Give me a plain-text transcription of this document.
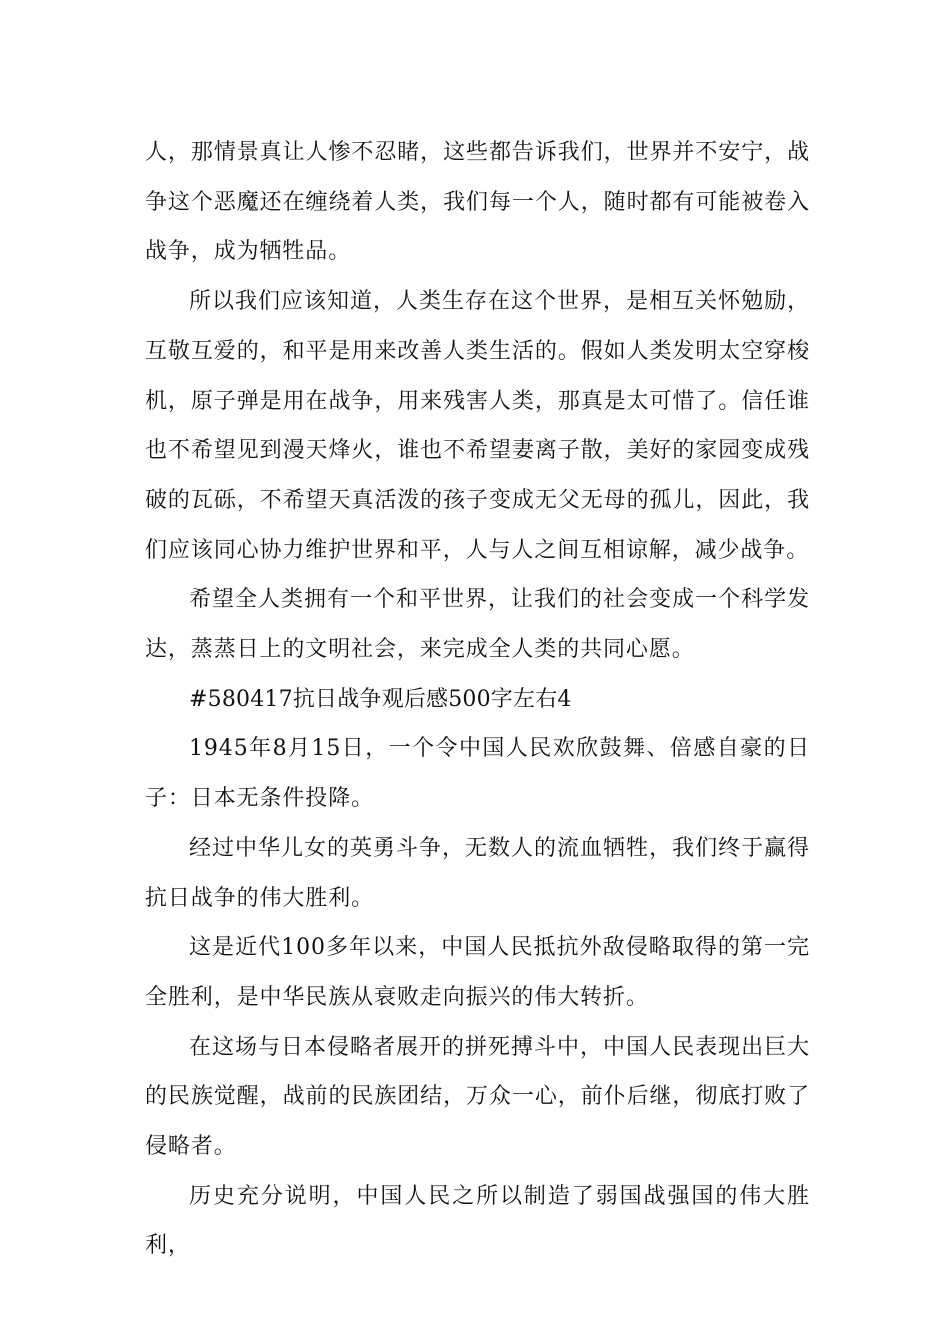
人，那情景真让人惨不忍睹，这些都告诉我们，世界并不安宁，战争这个恶魔还在缠绕着人类，我们每一个人，随时都有可能被卷入战争，成为牺牲品。

所以我们应该知道，人类生存在这个世界，是相互关怀勉励，互敬互爱的，和平是用来改善人类生活的。假如人类发明太空穿梭机，原子弹是用在战争，用来残害人类，那真是太可惜了。信任谁也不希望见到漫天烽火，谁也不希望妻离子散，美好的家园变成残破的瓦砾，不希望天真活泼的孩子变成无父无母的孤儿，因此，我们应该同心协力维护世界和平，人与人之间互相谅解，减少战争。

希望全人类拥有一个和平世界，让我们的社会变成一个科学发达，蒸蒸日上的文明社会，来完成全人类的共同心愿。

#580417抗日战争观后感500字左右4

1945年8月15日，一个令中国人民欢欣鼓舞、倍感自豪的日子：日本无条件投降。

经过中华儿女的英勇斗争，无数人的流血牺牲，我们终于赢得抗日战争的伟大胜利。

这是近代100多年以来，中国人民抵抗外敌侵略取得的第一完全胜利，是中华民族从衰败走向振兴的伟大转折。

在这场与日本侵略者展开的拼死搏斗中，中国人民表现出巨大的民族觉醒，战前的民族团结，万众一心，前仆后继，彻底打败了侵略者。

历史充分说明，中国人民之所以制造了弱国战强国的伟大胜利，
